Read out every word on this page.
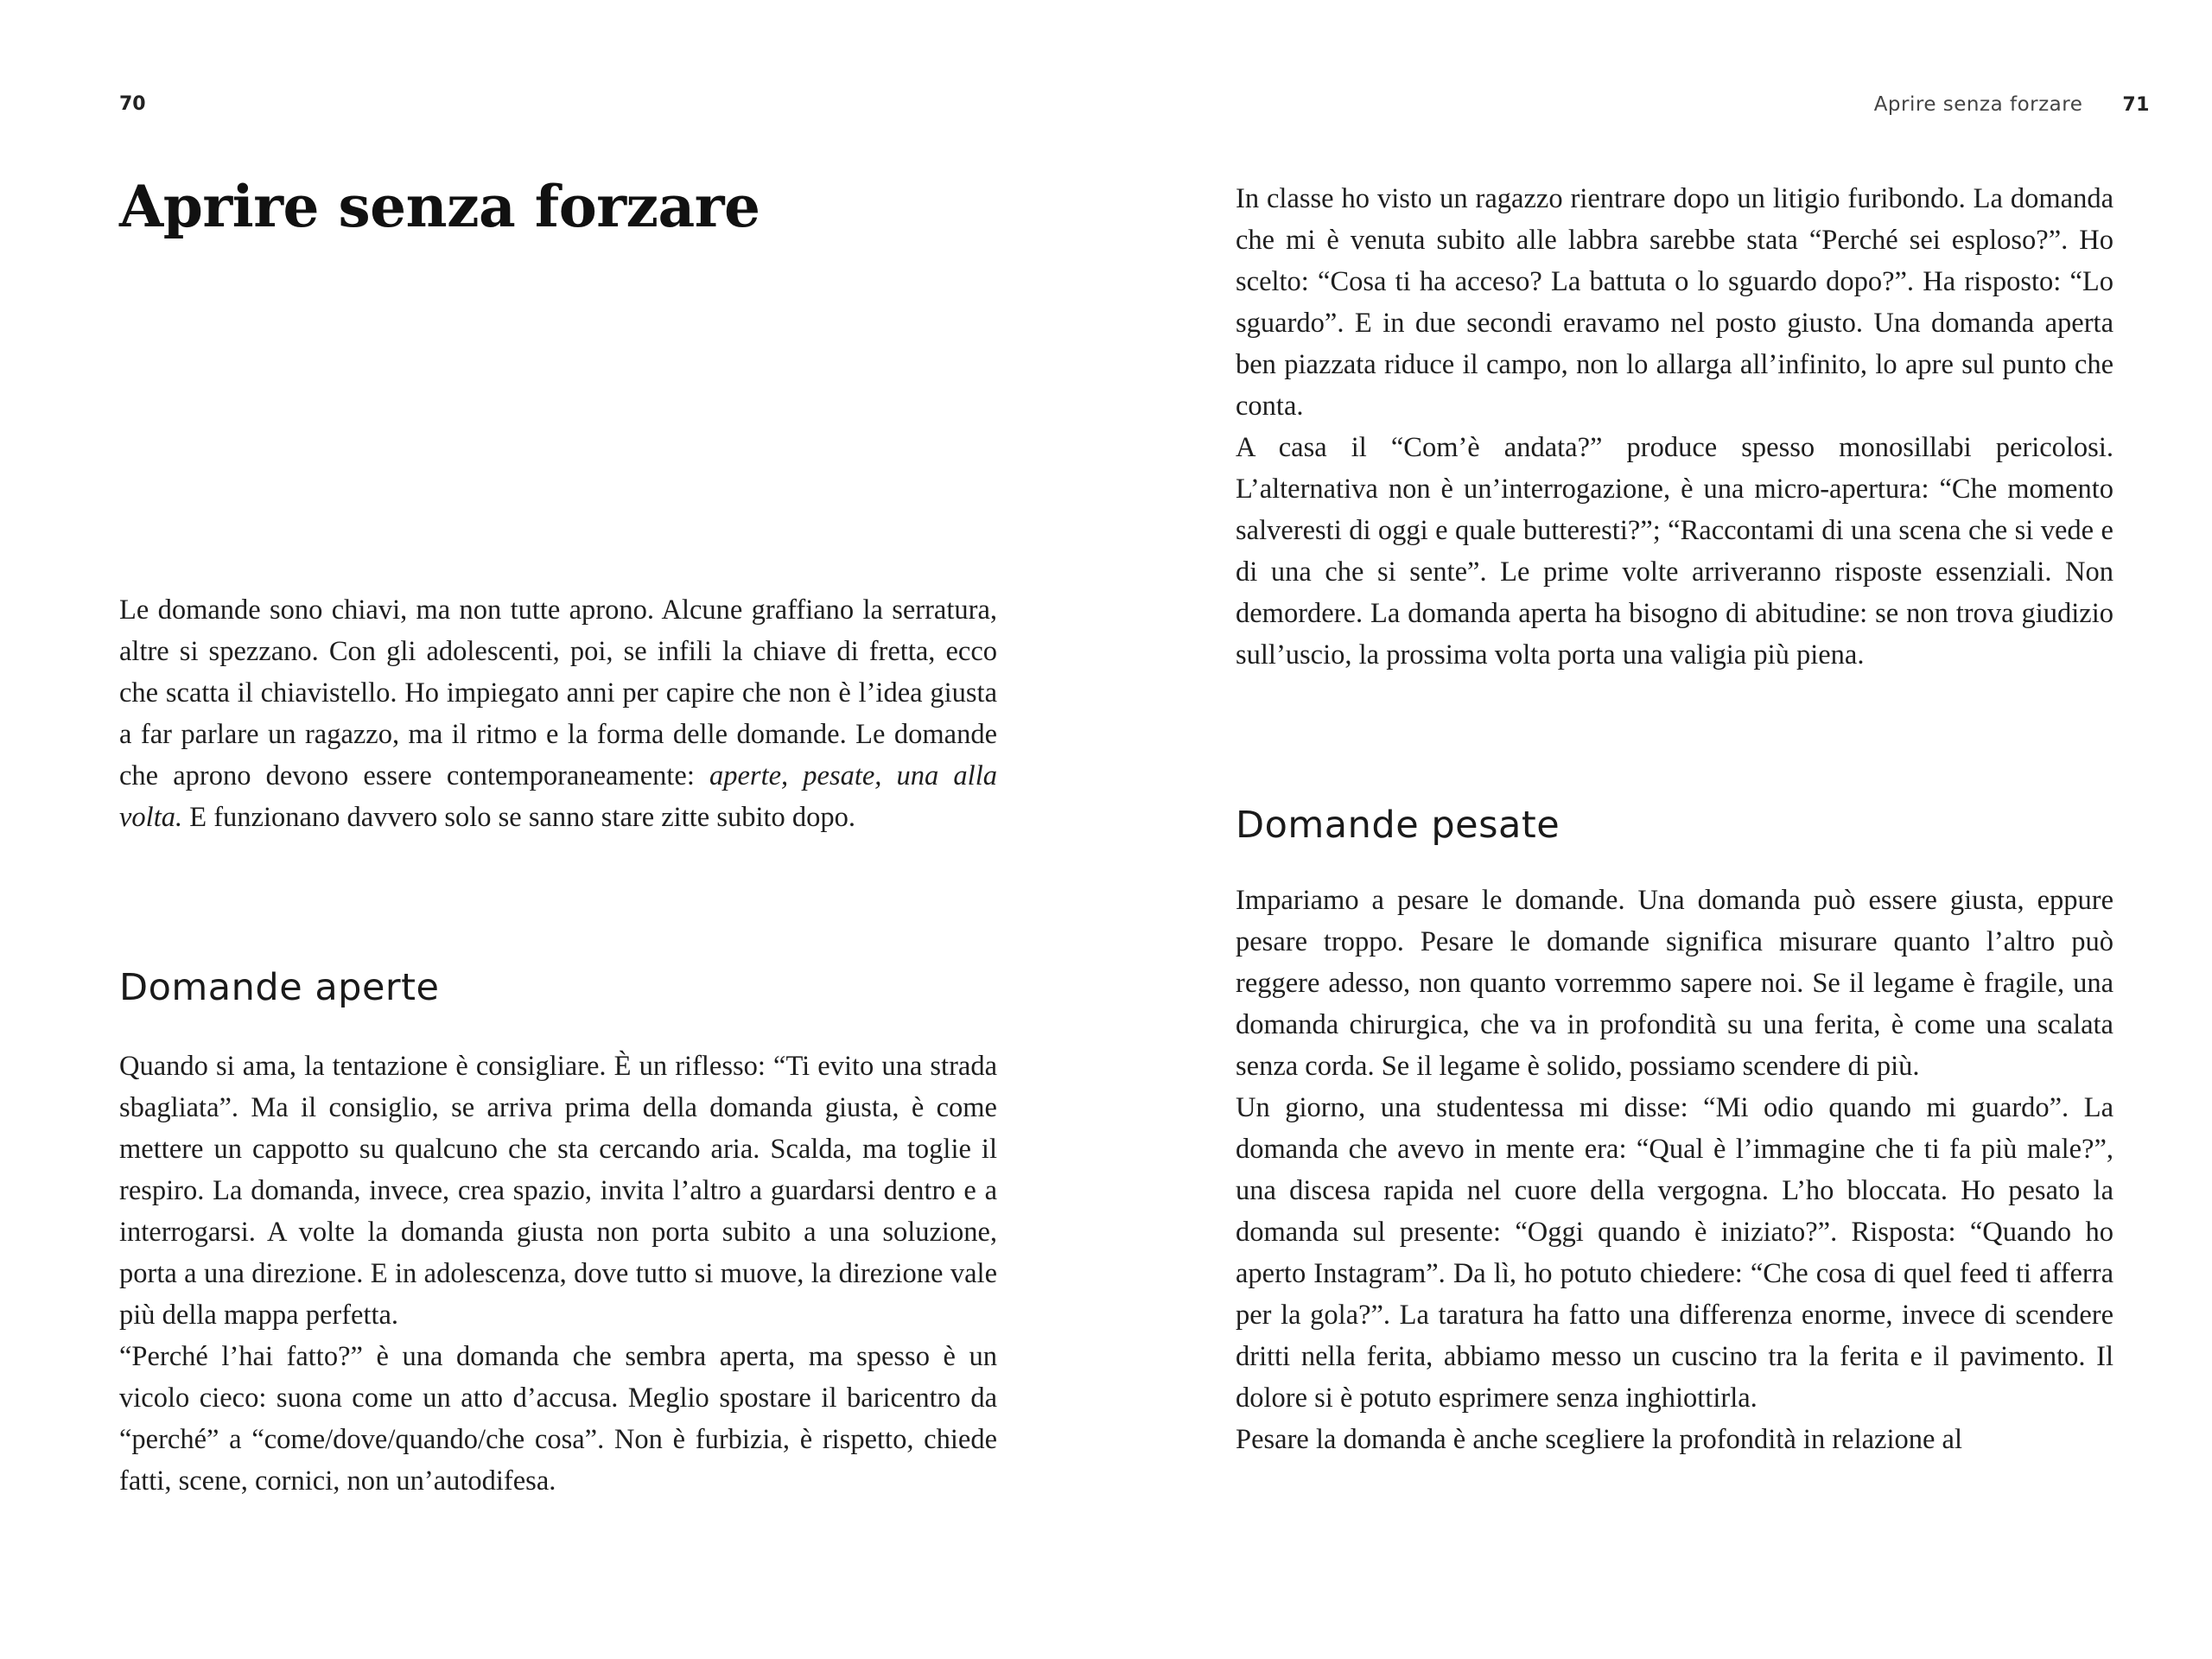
70
Aprire senza forzare

Le domande sono chiavi, ma non tutte aprono. Alcune graffiano la serratura, altre si spezzano. Con gli adolescenti, poi, se infili la chiave di fretta, ecco che scatta il chiavistello. Ho impiegato anni per capire che non è l’idea giusta a far parlare un ragazzo, ma il ritmo e la forma delle domande. Le domande che aprono devono essere contemporaneamente: aperte, pesate, una alla volta. E funzionano davvero solo se sanno stare zitte subito dopo.

Domande aperte

Quando si ama, la tentazione è consigliare. È un riflesso: “Ti evito una strada sbagliata”. Ma il consiglio, se arriva prima della domanda giusta, è come mettere un cappotto su qualcuno che sta cercando aria. Scalda, ma toglie il respiro. La domanda, invece, crea spazio, invita l’altro a guardarsi dentro e a interrogarsi. A volte la domanda giusta non porta subito a una soluzione, porta a una direzione. E in adolescenza, dove tutto si muove, la direzione vale più della mappa perfetta.

“Perché l’hai fatto?” è una domanda che sembra aperta, ma spesso è un vicolo cieco: suona come un atto d’accusa. Meglio spostare il baricentro da “perché” a “come/dove/quando/che cosa”. Non è furbizia, è rispetto, chiede fatti, scene, cornici, non un’autodifesa.

Aprire senza forzare 71

In classe ho visto un ragazzo rientrare dopo un litigio furibondo. La domanda che mi è venuta subito alle labbra sarebbe stata “Perché sei esploso?”. Ho scelto: “Cosa ti ha acceso? La battuta o lo sguardo dopo?”. Ha risposto: “Lo sguardo”. E in due secondi eravamo nel posto giusto. Una domanda aperta ben piazzata riduce il campo, non lo allarga all’infinito, lo apre sul punto che conta.

A casa il “Com’è andata?” produce spesso monosillabi pericolosi. L’alternativa non è un’interrogazione, è una micro-apertura: “Che momento salveresti di oggi e quale butteresti?”; “Raccontami di una scena che si vede e di una che si sente”. Le prime volte arriveranno risposte essenziali. Non demordere. La domanda aperta ha bisogno di abitudine: se non trova giudizio sull’uscio, la prossima volta porta una valigia più piena.

Domande pesate

Impariamo a pesare le domande. Una domanda può essere giusta, eppure pesare troppo. Pesare le domande significa misurare quanto l’altro può reggere adesso, non quanto vorremmo sapere noi. Se il legame è fragile, una domanda chirurgica, che va in profondità su una ferita, è come una scalata senza corda. Se il legame è solido, possiamo scendere di più.

Un giorno, una studentessa mi disse: “Mi odio quando mi guardo”. La domanda che avevo in mente era: “Qual è l’immagine che ti fa più male?”, una discesa rapida nel cuore della vergogna. L’ho bloccata. Ho pesato la domanda sul presente: “Oggi quando è iniziato?”. Risposta: “Quando ho aperto Instagram”. Da lì, ho potuto chiedere: “Che cosa di quel feed ti afferra per la gola?”. La taratura ha fatto una differenza enorme, invece di scendere dritti nella ferita, abbiamo messo un cuscino tra la ferita e il pavimento. Il dolore si è potuto esprimere senza inghiottirla.

Pesare la domanda è anche scegliere la profondità in relazione al
